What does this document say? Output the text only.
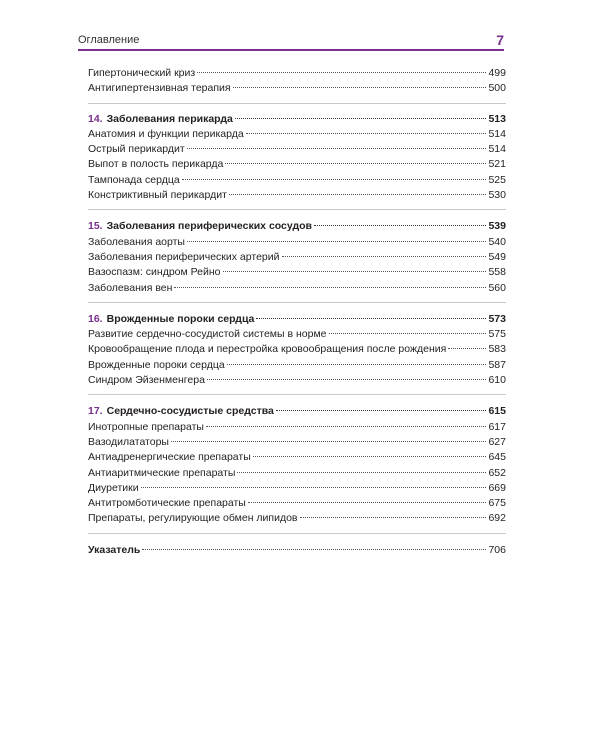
Оглавление	7
Гипертонический криз	499
Антигипертензивная терапия	500
14. Заболевания перикарда	513
Анатомия и функции перикарда	514
Острый перикардит	514
Выпот в полость перикарда	521
Тампонада сердца	525
Констриктивный перикардит	530
15. Заболевания периферических сосудов	539
Заболевания аорты	540
Заболевания периферических артерий	549
Вазоспазм: синдром Рейно	558
Заболевания вен	560
16. Врожденные пороки сердца	573
Развитие сердечно-сосудистой системы в норме	575
Кровообращение плода и перестройка кровообращения после рождения	583
Врожденные пороки сердца	587
Синдром Эйзенменгера	610
17. Сердечно-сосудистые средства	615
Инотропные препараты	617
Вазодилататоры	627
Антиадренергические препараты	645
Антиаритмические препараты	652
Диуретики	669
Антитромботические препараты	675
Препараты, регулирующие обмен липидов	692
Указатель	706
